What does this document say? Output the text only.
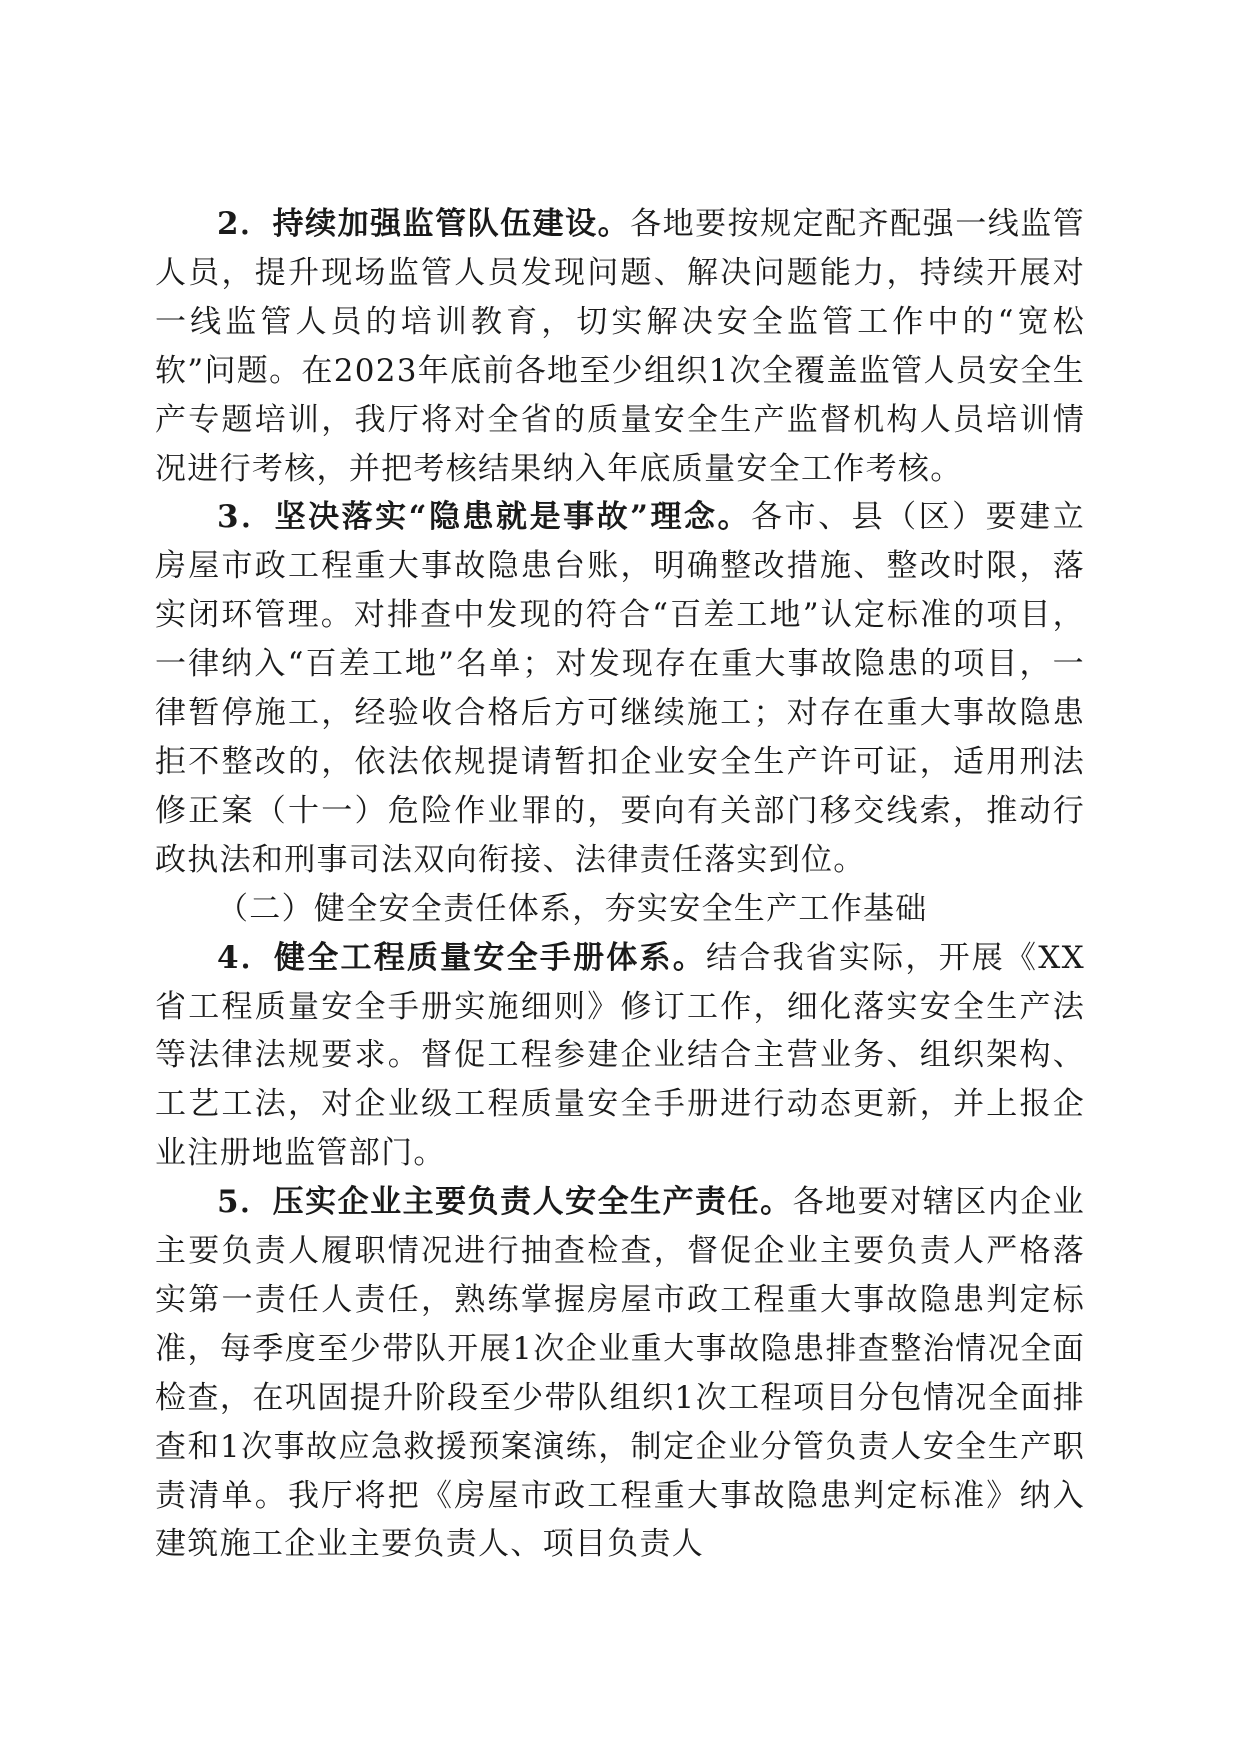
2．持续加强监管队伍建设。各地要按规定配齐配强一线监管人员，提升现场监管人员发现问题、解决问题能力，持续开展对一线监管人员的培训教育，切实解决安全监管工作中的“宽松软”问题。在2023年底前各地至少组织1次全覆盖监管人员安全生产专题培训，我厅将对全省的质量安全生产监督机构人员培训情况进行考核，并把考核结果纳入年底质量安全工作考核。

3．坚决落实“隐患就是事故”理念。各市、县（区）要建立房屋市政工程重大事故隐患台账，明确整改措施、整改时限，落实闭环管理。对排查中发现的符合“百差工地”认定标准的项目，一律纳入“百差工地”名单；对发现存在重大事故隐患的项目，一律暂停施工，经验收合格后方可继续施工；对存在重大事故隐患拒不整改的，依法依规提请暂扣企业安全生产许可证，适用刑法修正案（十一）危险作业罪的，要向有关部门移交线索，推动行政执法和刑事司法双向衔接、法律责任落实到位。

（二）健全安全责任体系，夯实安全生产工作基础

4．健全工程质量安全手册体系。结合我省实际，开展《XX省工程质量安全手册实施细则》修订工作，细化落实安全生产法等法律法规要求。督促工程参建企业结合主营业务、组织架构、工艺工法，对企业级工程质量安全手册进行动态更新，并上报企业注册地监管部门。

5．压实企业主要负责人安全生产责任。各地要对辖区内企业主要负责人履职情况进行抽查检查，督促企业主要负责人严格落实第一责任人责任，熟练掌握房屋市政工程重大事故隐患判定标准，每季度至少带队开展1次企业重大事故隐患排查整治情况全面检查，在巩固提升阶段至少带队组织1次工程项目分包情况全面排查和1次事故应急救援预案演练，制定企业分管负责人安全生产职责清单。我厅将把《房屋市政工程重大事故隐患判定标准》纳入建筑施工企业主要负责人、项目负责人
